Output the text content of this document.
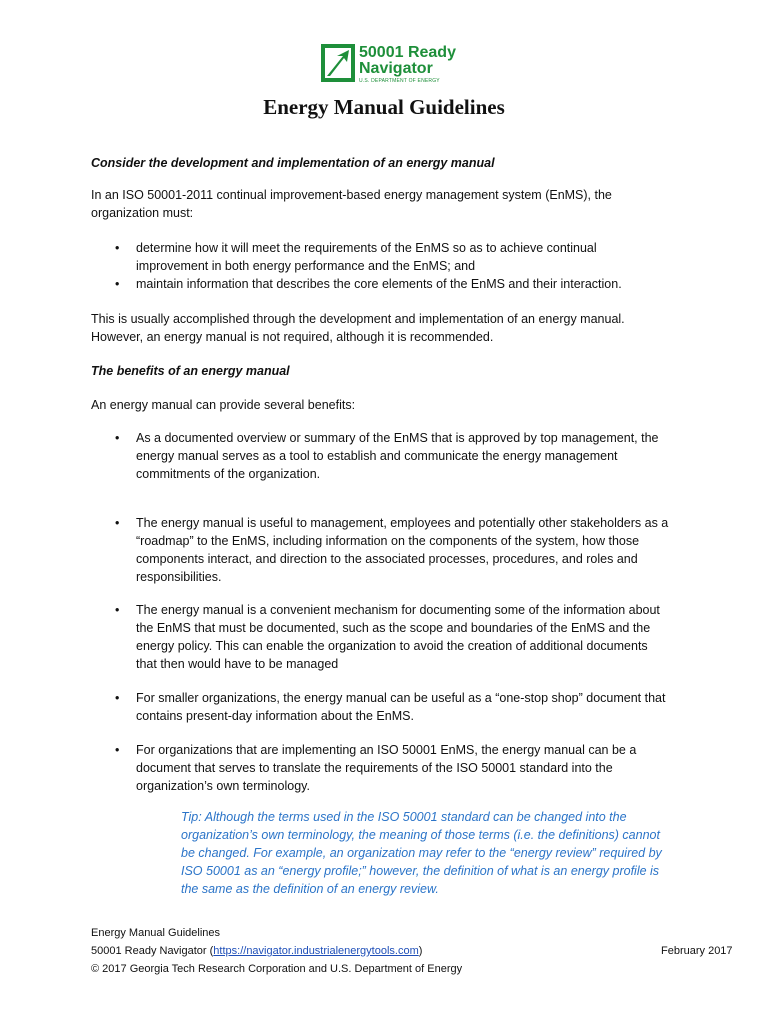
50001 Ready
Navigator
U.S. DEPARTMENT OF ENERGY
Energy Manual Guidelines

Consider the development and implementation of an energy manual

In an ISO 50001-2011 continual improvement-based energy management system (EnMS), the
organization must:

• determine how it will meet the requirements of the EnMS so as to achieve continual
improvement in both energy performance and the EnMS; and
• maintain information that describes the core elements of the EnMS and their interaction.

This is usually accomplished through the development and implementation of an energy manual.
However, an energy manual is not required, although it is recommended.

The benefits of an energy manual

An energy manual can provide several benefits:

• As a documented overview or summary of the EnMS that is approved by top management, the
energy manual serves as a tool to establish and communicate the energy management
commitments of the organization.
• The energy manual is useful to management, employees and potentially other stakeholders as a
“roadmap” to the EnMS, including information on the components of the system, how those
components interact, and direction to the associated processes, procedures, and roles and
responsibilities.
• The energy manual is a convenient mechanism for documenting some of the information about
the EnMS that must be documented, such as the scope and boundaries of the EnMS and the
energy policy. This can enable the organization to avoid the creation of additional documents
that then would have to be managed
• For smaller organizations, the energy manual can be useful as a “one-stop shop” document that
contains present-day information about the EnMS.
• For organizations that are implementing an ISO 50001 EnMS, the energy manual can be a
document that serves to translate the requirements of the ISO 50001 standard into the
organization’s own terminology.

Tip: Although the terms used in the ISO 50001 standard can be changed into the
organization’s own terminology, the meaning of those terms (i.e. the definitions) cannot
be changed. For example, an organization may refer to the “energy review” required by
ISO 50001 as an “energy profile;” however, the definition of what is an energy profile is
the same as the definition of an energy review.

Energy Manual Guidelines

50001 Ready Navigator (https://navigator.industrialenergytools.com)

© 2017 Georgia Tech Research Corporation and U.S. Department of Energy

February 2017
